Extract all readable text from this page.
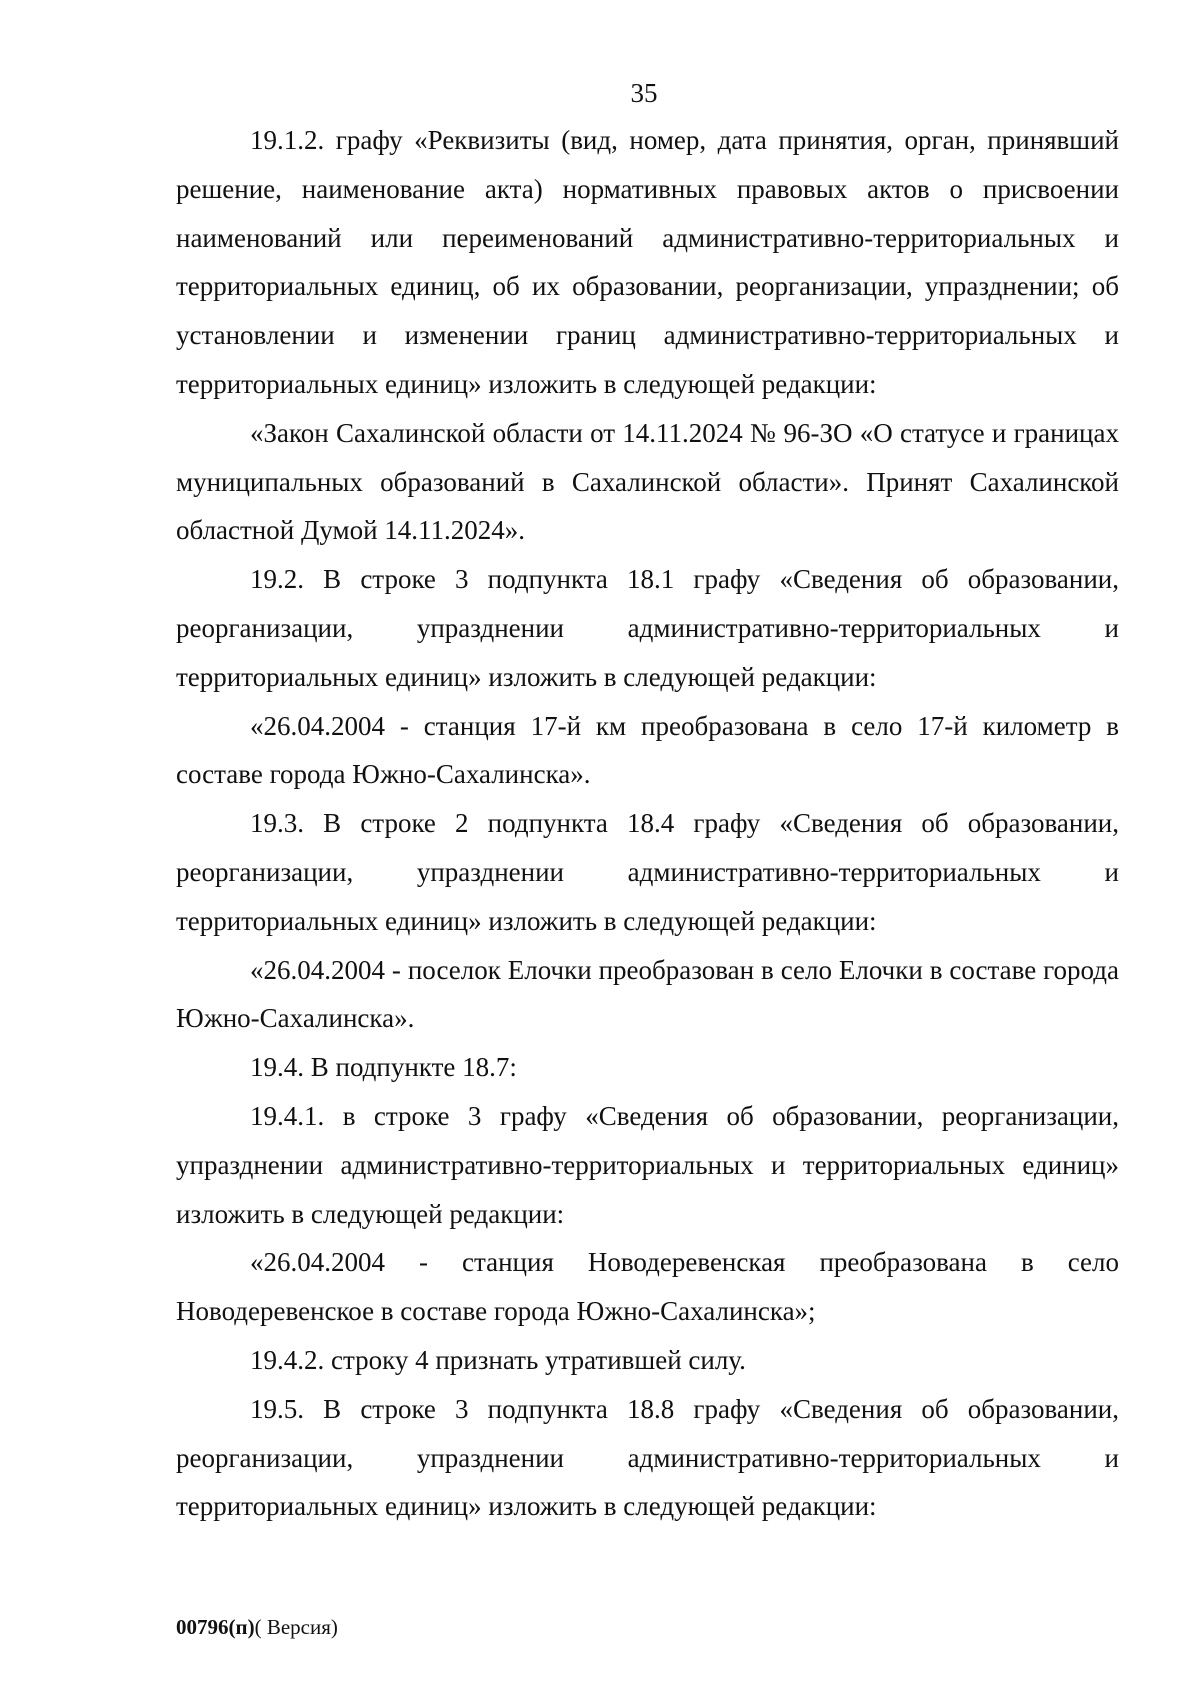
35

19.1.2. графу «Реквизиты (вид, номер, дата принятия, орган, принявший решение, наименование акта) нормативных правовых актов о присвоении наименований или переименований административно-территориальных и территориальных единиц, об их образовании, реорганизации, упразднении; об установлении и изменении границ административно-территориальных и территориальных единиц» изложить в следующей редакции:

«Закон Сахалинской области от 14.11.2024 № 96-ЗО «О статусе и границах муниципальных образований в Сахалинской области». Принят Сахалинской областной Думой 14.11.2024».

19.2. В строке 3 подпункта 18.1 графу «Сведения об образовании, реорганизации, упразднении административно-территориальных и территориальных единиц» изложить в следующей редакции:

«26.04.2004 - станция 17-й км преобразована в село 17-й километр в составе города Южно-Сахалинска».

19.3. В строке 2 подпункта 18.4 графу «Сведения об образовании, реорганизации, упразднении административно-территориальных и территориальных единиц» изложить в следующей редакции:

«26.04.2004 - поселок Елочки преобразован в село Елочки в составе города Южно-Сахалинска».

19.4. В подпункте 18.7:

19.4.1. в строке 3 графу «Сведения об образовании, реорганизации, упразднении административно-территориальных и территориальных единиц» изложить в следующей редакции:

«26.04.2004 - станция Новодеревенская преобразована в село Новодеревенское в составе города Южно-Сахалинска»;

19.4.2. строку 4 признать утратившей силу.

19.5. В строке 3 подпункта 18.8 графу «Сведения об образовании, реорганизации, упразднении административно-территориальных и территориальных единиц» изложить в следующей редакции:

00796(п)( Версия)
